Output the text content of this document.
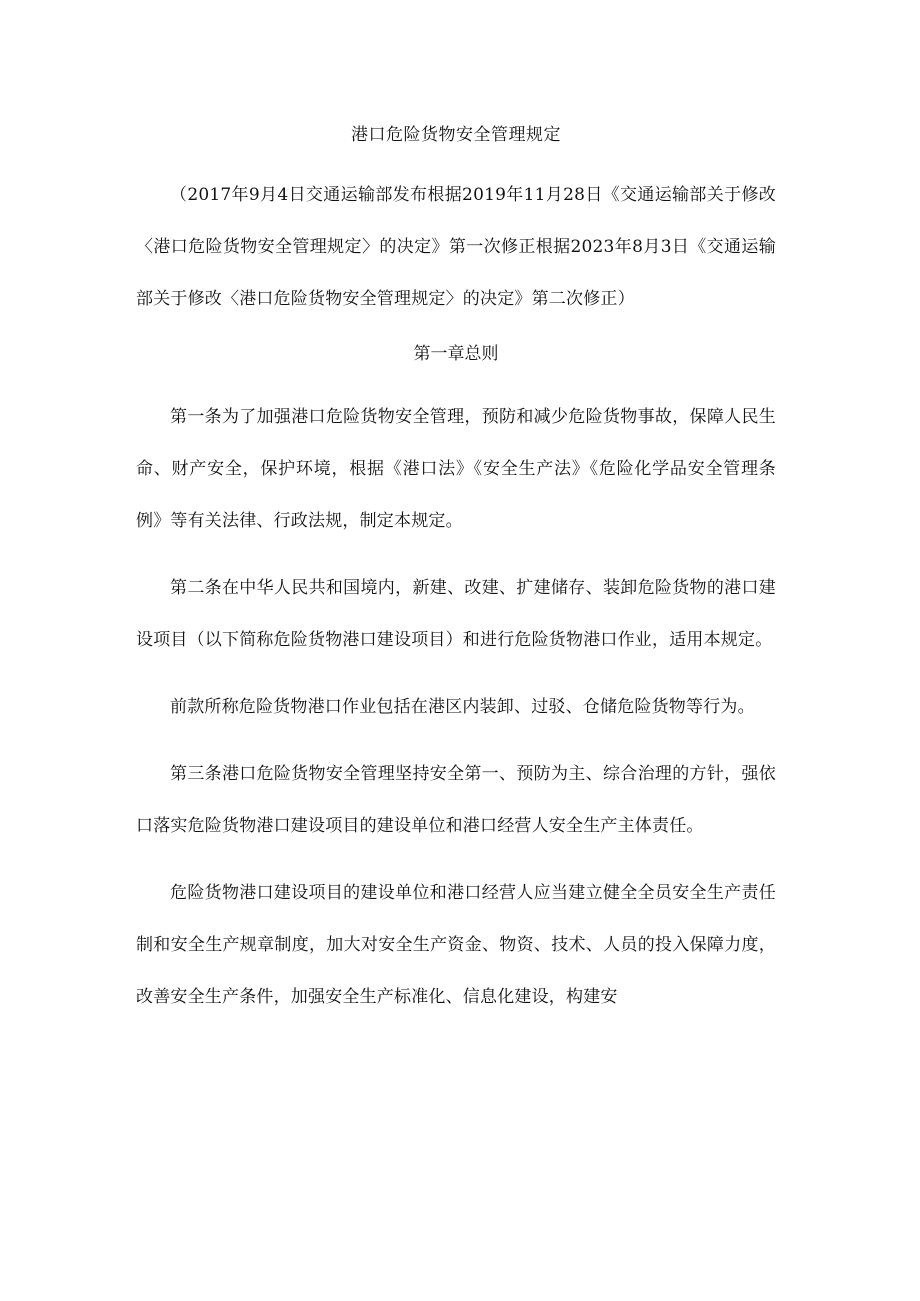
港口危险货物安全管理规定
（2017年9月4日交通运输部发布根据2019年11月28日《交通运输部关于修改〈港口危险货物安全管理规定〉的决定》第一次修正根据2023年8月3日《交通运输部关于修改〈港口危险货物安全管理规定〉的决定》第二次修正）
第一章总则
第一条为了加强港口危险货物安全管理，预防和减少危险货物事故，保障人民生命、财产安全，保护环境，根据《港口法》《安全生产法》《危险化学品安全管理条例》等有关法律、行政法规，制定本规定。
第二条在中华人民共和国境内，新建、改建、扩建储存、装卸危险货物的港口建设项目（以下简称危险货物港口建设项目）和进行危险货物港口作业，适用本规定。
前款所称危险货物港口作业包括在港区内装卸、过驳、仓储危险货物等行为。
第三条港口危险货物安全管理坚持安全第一、预防为主、综合治理的方针，强依口落实危险货物港口建设项目的建设单位和港口经营人安全生产主体责任。
危险货物港口建设项目的建设单位和港口经营人应当建立健全全员安全生产责任制和安全生产规章制度，加大对安全生产资金、物资、技术、人员的投入保障力度，改善安全生产条件，加强安全生产标准化、信息化建设，构建安
